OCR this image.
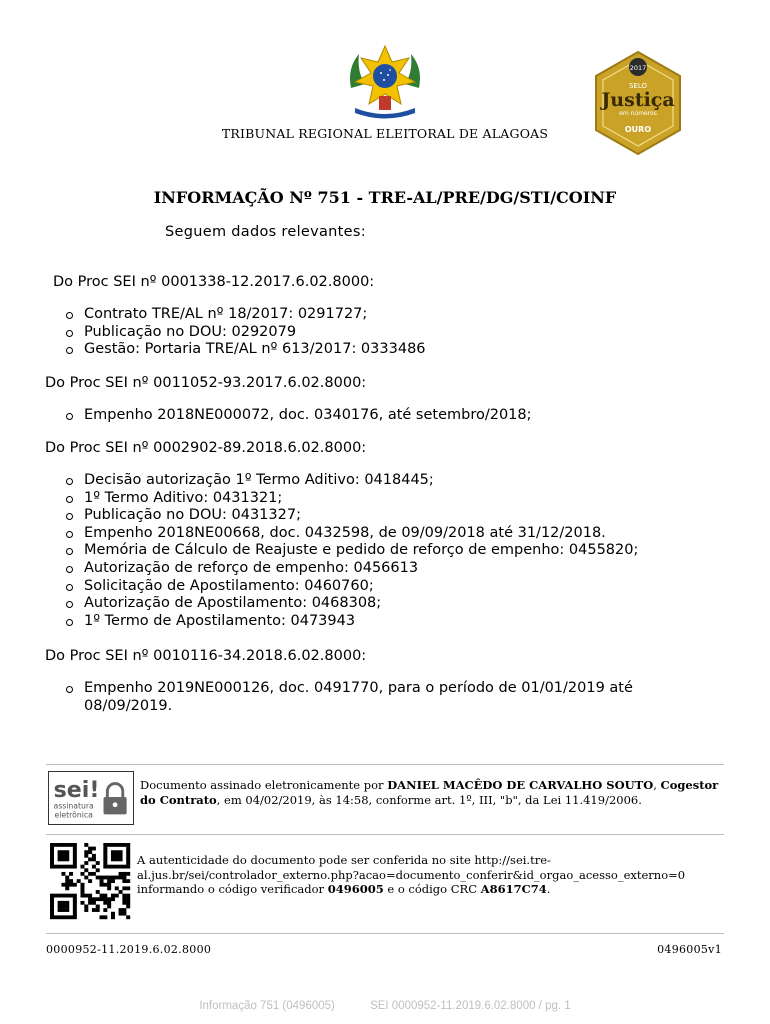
2017
SELO
Justiça
em números
OURO
TRIBUNAL REGIONAL ELEITORAL DE ALAGOAS
INFORMAÇÃO Nº 751 - TRE-AL/PRE/DG/STI/COINF
Seguem dados relevantes:
Do Proc SEI nº 0001338-12.2017.6.02.8000:
Contrato TRE/AL nº 18/2017: 0291727;
Publicação no DOU: 0292079
Gestão: Portaria TRE/AL nº 613/2017: 0333486
Do Proc SEI nº 0011052-93.2017.6.02.8000:
Empenho 2018NE000072, doc. 0340176, até setembro/2018;
Do Proc SEI nº 0002902-89.2018.6.02.8000:
Decisão autorização 1º Termo Aditivo: 0418445;
1º Termo Aditivo: 0431321;
Publicação no DOU: 0431327;
Empenho 2018NE00668, doc. 0432598, de 09/09/2018 até 31/12/2018.
Memória de Cálculo de Reajuste e pedido de reforço de empenho: 0455820;
Autorização de reforço de empenho: 0456613
Solicitação de Apostilamento: 0460760;
Autorização de Apostilamento: 0468308;
1º Termo de Apostilamento: 0473943
Do Proc SEI nº 0010116-34.2018.6.02.8000:
Empenho 2019NE000126, doc. 0491770, para o período de 01/01/2019 até 08/09/2019.
sei!
assinatura
eletrônica
Documento assinado eletronicamente por DANIEL MACÊDO DE CARVALHO SOUTO, Cogestor do Contrato, em 04/02/2019, às 14:58, conforme art. 1º, III, "b", da Lei 11.419/2006.
A autenticidade do documento pode ser conferida no site http://sei.tre-al.jus.br/sei/controlador_externo.php?acao=documento_conferir&id_orgao_acesso_externo=0 informando o código verificador 0496005 e o código CRC A8617C74.
0000952-11.2019.6.02.8000	0496005v1
Informação 751 (0496005)	SEI 0000952-11.2019.6.02.8000 / pg. 1
